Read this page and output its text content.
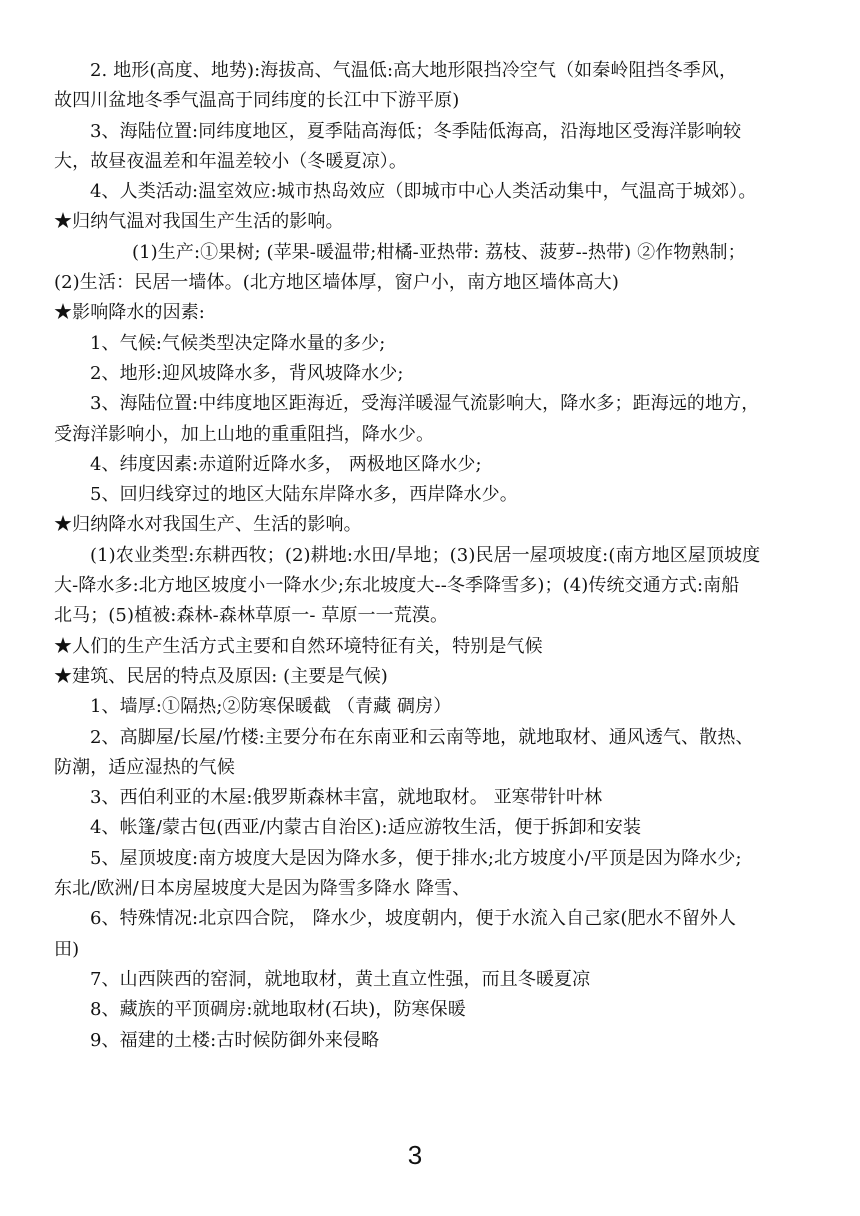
2. 地形(高度、地势):海拔高、气温低:高大地形限挡冷空气（如秦岭阻挡冬季风，
故四川盆地冬季气温高于同纬度的长江中下游平原)
3、海陆位置:同纬度地区，夏季陆高海低；冬季陆低海高，沿海地区受海洋影响较
大，故昼夜温差和年温差较小（冬暖夏凉）。
4、人类活动:温室效应:城市热岛效应（即城市中心人类活动集中，气温高于城郊）。
★归纳气温对我国生产生活的影响。
(1)生产:①果树; (苹果-暖温带;柑橘-亚热带: 荔枝、菠萝--热带) ②作物熟制；
(2)生活：民居一墙体。(北方地区墙体厚，窗户小，南方地区墙体高大)
★影响降水的因素:
1、气候:气候类型决定降水量的多少;
2、地形:迎风坡降水多，背风坡降水少;
3、海陆位置:中纬度地区距海近，受海洋暖湿气流影响大，降水多；距海远的地方，
受海洋影响小，加上山地的重重阻挡，降水少。
4、纬度因素:赤道附近降水多， 两极地区降水少;
5、回归线穿过的地区大陆东岸降水多，西岸降水少。
★归纳降水对我国生产、生活的影响。
(1)农业类型:东耕西牧；(2)耕地:水田/旱地；(3)民居一屋项坡度:(南方地区屋顶坡度
大-降水多:北方地区坡度小一降水少;东北坡度大--冬季降雪多)；(4)传统交通方式:南船
北马；(5)植被:森林-森林草原一- 草原一一荒漠。
★人们的生产生活方式主要和自然环境特征有关，特别是气候
★建筑、民居的特点及原因: (主要是气候)
1、墙厚:①隔热;②防寒保暖截 （青藏 碉房）
2、高脚屋/长屋/竹楼:主要分布在东南亚和云南等地，就地取材、通风透气、散热、
防潮，适应湿热的气候
3、西伯利亚的木屋:俄罗斯森林丰富，就地取材。 亚寒带针叶林
4、帐篷/蒙古包(西亚/内蒙古自治区):适应游牧生活，便于拆卸和安装
5、屋顶坡度:南方坡度大是因为降水多，便于排水;北方坡度小/平顶是因为降水少;
东北/欧洲/日本房屋坡度大是因为降雪多降水 降雪、
6、特殊情况:北京四合院， 降水少，坡度朝内，便于水流入自己家(肥水不留外人
田)
7、山西陕西的窑洞，就地取材，黄土直立性强，而且冬暖夏凉
8、藏族的平顶碉房:就地取材(石块)，防寒保暖
9、福建的土楼:古时候防御外来侵略
3
